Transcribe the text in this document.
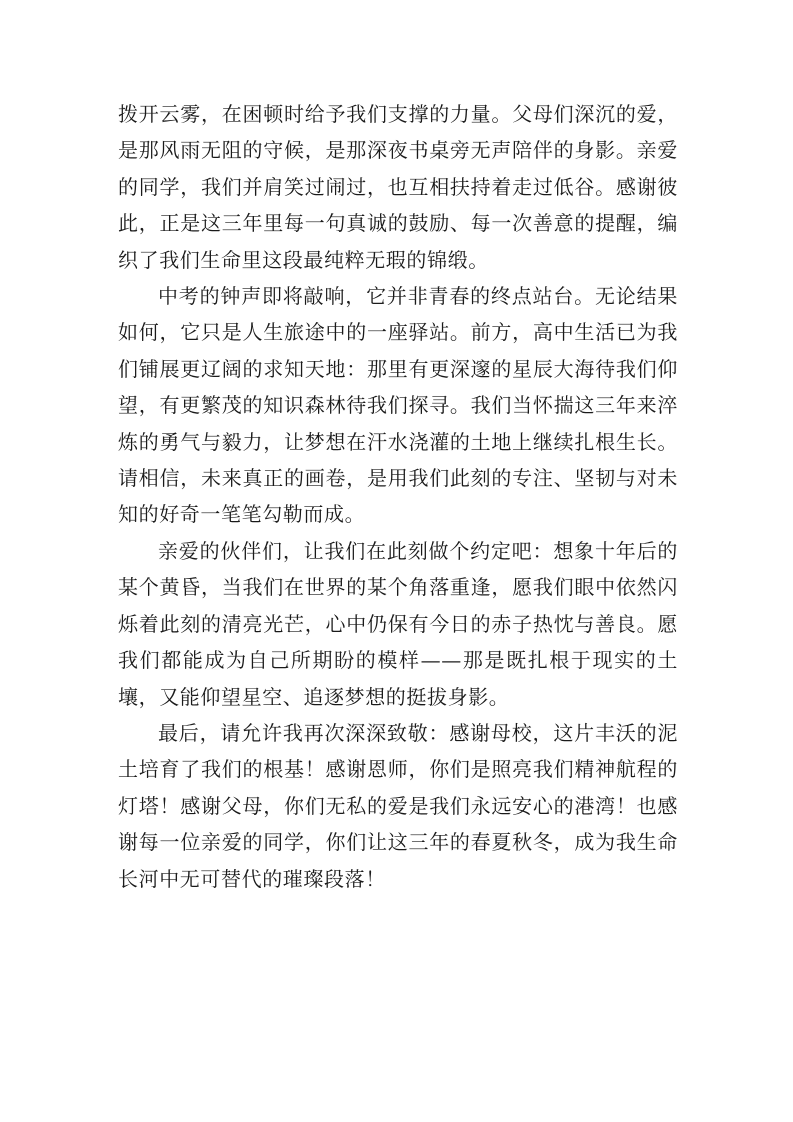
拨开云雾，在困顿时给予我们支撑的力量。父母们深沉的爱，是那风雨无阻的守候，是那深夜书桌旁无声陪伴的身影。亲爱的同学，我们并肩笑过闹过，也互相扶持着走过低谷。感谢彼此，正是这三年里每一句真诚的鼓励、每一次善意的提醒，编织了我们生命里这段最纯粹无瑕的锦缎。

中考的钟声即将敲响，它并非青春的终点站台。无论结果如何，它只是人生旅途中的一座驿站。前方，高中生活已为我们铺展更辽阔的求知天地：那里有更深邃的星辰大海待我们仰望，有更繁茂的知识森林待我们探寻。我们当怀揣这三年来淬炼的勇气与毅力，让梦想在汗水浇灌的土地上继续扎根生长。请相信，未来真正的画卷，是用我们此刻的专注、坚韧与对未知的好奇一笔笔勾勒而成。

亲爱的伙伴们，让我们在此刻做个约定吧：想象十年后的某个黄昏，当我们在世界的某个角落重逢，愿我们眼中依然闪烁着此刻的清亮光芒，心中仍保有今日的赤子热忱与善良。愿我们都能成为自己所期盼的模样——那是既扎根于现实的土壤，又能仰望星空、追逐梦想的挺拔身影。

最后，请允许我再次深深致敬：感谢母校，这片丰沃的泥土培育了我们的根基！感谢恩师，你们是照亮我们精神航程的灯塔！感谢父母，你们无私的爱是我们永远安心的港湾！也感谢每一位亲爱的同学，你们让这三年的春夏秋冬，成为我生命长河中无可替代的璀璨段落！
